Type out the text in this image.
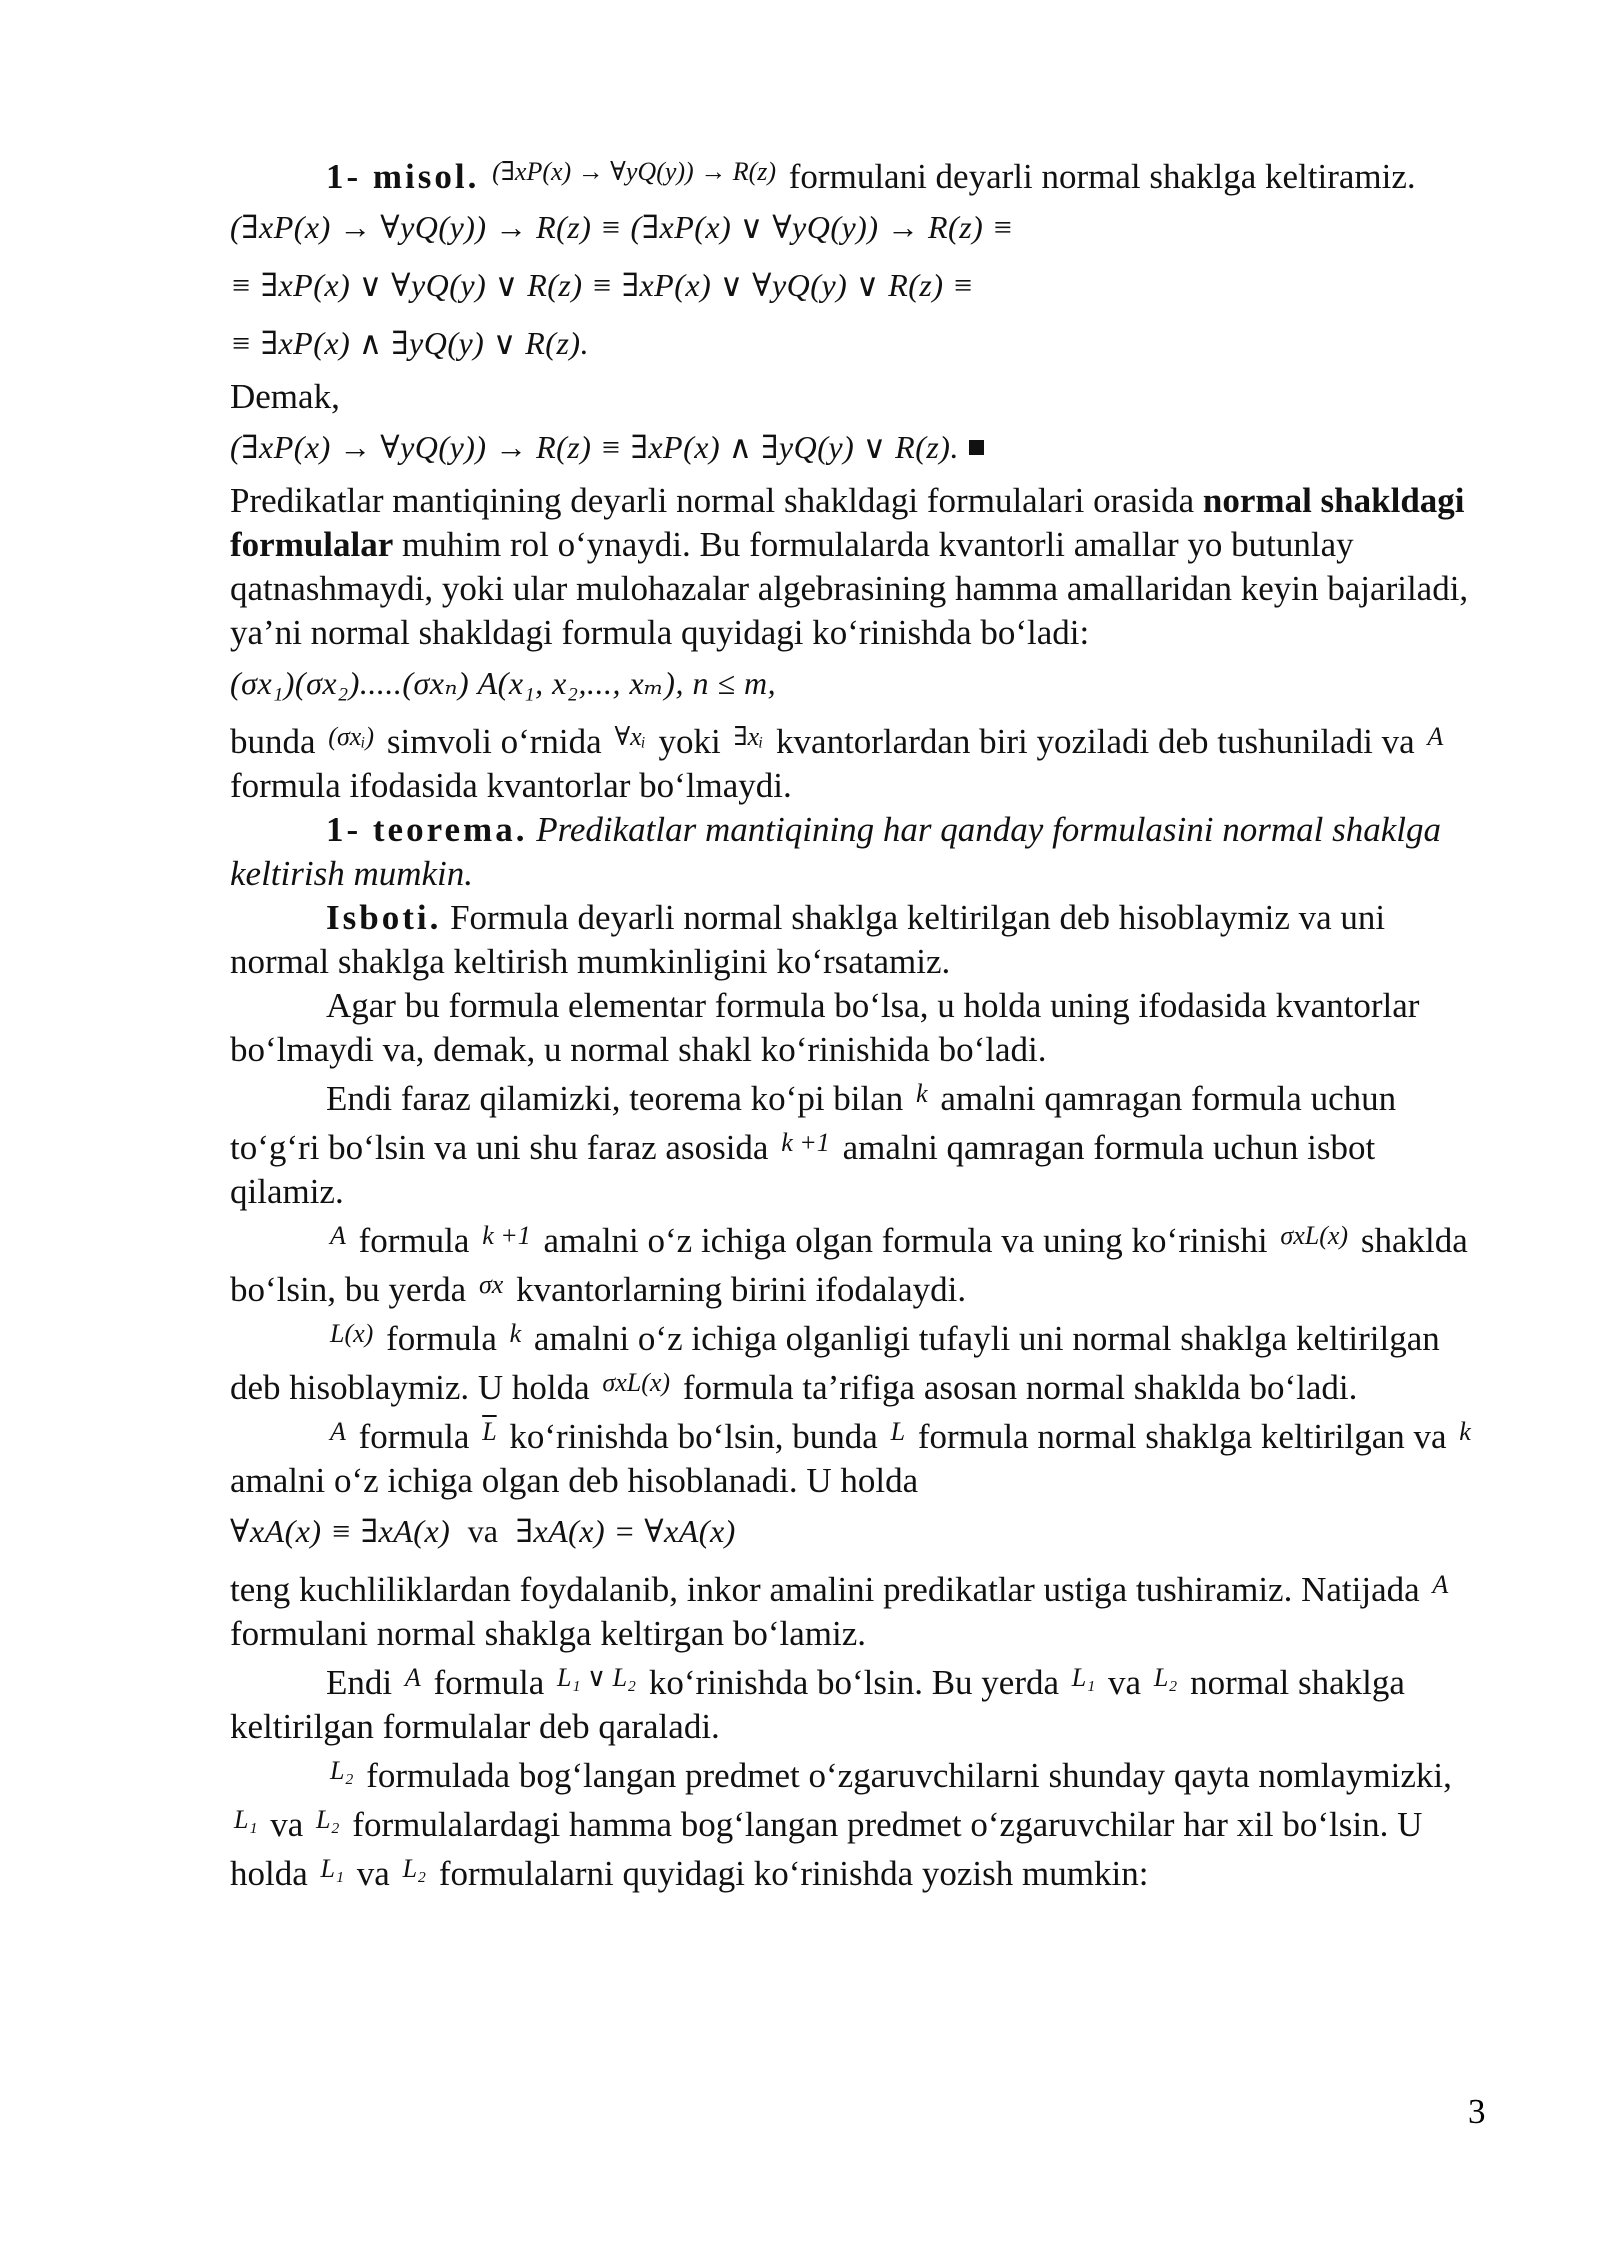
1- misol. $^{(\exists xP(x) \to \forall yQ(y)) \to R(z)}$ formulani deyarli normal shaklga keltiramiz.

(∃xP(x) → ∀yQ(y)) → R(z) ≡ (∃xP(x) ∨ ∀yQ(y)) → R(z) ≡
≡ ∃xP(x) ∨ ∀yQ(y) ∨ R(z) ≡ ∃xP(x) ∨ ∀yQ(y) ∨ R(z) ≡
≡ ∃xP(x) ∧ ∃yQ(y) ∨ R(z).

Demak,

(∃xP(x) → ∀yQ(y)) → R(z) ≡ ∃xP(x) ∧ ∃yQ(y) ∨ R(z).

Predikatlar mantiqining deyarli normal shakldagi formulalari orasida normal shakldagi formulalar muhim rol o‘ynaydi. Bu formulalarda kvantorli amallar yo butunlay qatnashmaydi, yoki ular mulohazalar algebrasining hamma amallaridan keyin bajariladi, ya’ni normal shakldagi formula quyidagi ko‘rinishda bo‘ladi:

(σx₁)(σx₂).....(σxₙ) A(x₁, x₂,..., xₘ), n ≤ m,

bunda $^{(\sigma xᵢ)}$ simvoli o‘rnida $^{\forall xᵢ}$ yoki $^{\exists xᵢ}$ kvantorlardan biri yoziladi deb tushuniladi va $^A$ formula ifodasida kvantorlar bo‘lmaydi.

1- teorema. Predikatlar mantiqining har qanday formulasini normal shaklga keltirish mumkin.

Isboti. Formula deyarli normal shaklga keltirilgan deb hisoblaymiz va uni normal shaklga keltirish mumkinligini ko‘rsatamiz.

Agar bu formula elementar formula bo‘lsa, u holda uning ifodasida kvantorlar bo‘lmaydi va, demak, u normal shakl ko‘rinishida bo‘ladi.

Endi faraz qilamizki, teorema ko‘pi bilan $^k$ amalni qamragan formula uchun to‘g‘ri bo‘lsin va uni shu faraz asosida $^{k +1}$ amalni qamragan formula uchun isbot qilamiz.

$^A$ formula $^{k +1}$ amalni o‘z ichiga olgan formula va uning ko‘rinishi $^{\sigma xL(x)}$ shaklda bo‘lsin, bu yerda $^{\sigma x}$ kvantorlarning birini ifodalaydi.

$^{L(x)}$ formula $^k$ amalni o‘z ichiga olganligi tufayli uni normal shaklga keltirilgan deb hisoblaymiz. U holda $^{\sigma xL(x)}$ formula ta’rifiga asosan normal shaklda bo‘ladi.

$^A$ formula $^{\overline{L}}$ ko‘rinishda bo‘lsin, bunda $^L$ formula normal shaklga keltirilgan va $^k$ amalni o‘z ichiga olgan deb hisoblanadi. U holda

∀xA(x) ≡ ∃xA(x)
va
∃xA(x) = ∀xA(x)

teng kuchliliklardan foydalanib, inkor amalini predikatlar ustiga tushiramiz. Natijada $^A$ formulani normal shaklga keltirgan bo‘lamiz.

Endi $^A$ formula $^{L_1 \vee L_2}$ ko‘rinishda bo‘lsin. Bu yerda $^{L_1}$ va $^{L_2}$ normal shaklga keltirilgan formulalar deb qaraladi.

$^{L_2}$ formulada bog‘langan predmet o‘zgaruvchilarni shunday qayta nomlaymizki, $^{L_1}$ va $^{L_2}$ formulalardagi hamma bog‘langan predmet o‘zgaruvchilar har xil bo‘lsin. U holda $^{L_1}$ va $^{L_2}$ formulalarni quyidagi ko‘rinishda yozish mumkin:

3
